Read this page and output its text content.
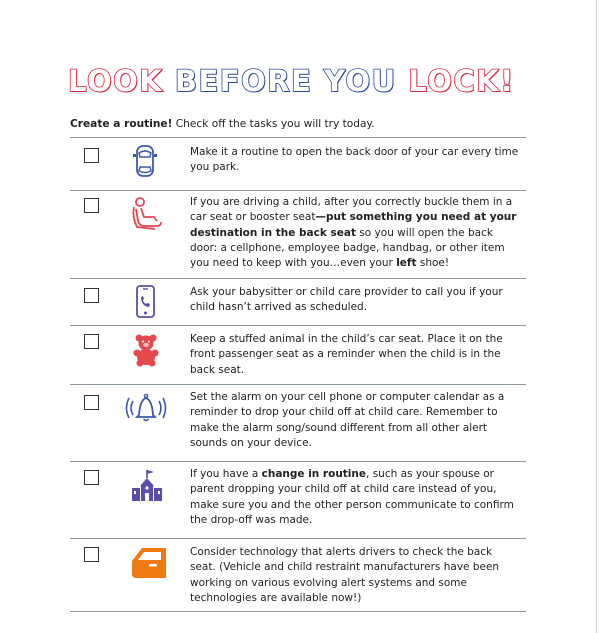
LOOK BEFORE YOU LOCK!
Create a routine! Check off the tasks you will try today.
Make it a routine to open the back door of your car every time you park.
If you are driving a child, after you correctly buckle them in a car seat or booster seat—put something you need at your destination in the back seat so you will open the back door: a cellphone, employee badge, handbag, or other item you need to keep with you…even your left shoe!
Ask your babysitter or child care provider to call you if your child hasn’t arrived as scheduled.
Keep a stuffed animal in the child’s car seat. Place it on the front passenger seat as a reminder when the child is in the back seat.
Set the alarm on your cell phone or computer calendar as a reminder to drop your child off at child care. Remember to make the alarm song/sound different from all other alert sounds on your device.
If you have a change in routine, such as your spouse or parent dropping your child off at child care instead of you, make sure you and the other person communicate to confirm the drop-off was made.
Consider technology that alerts drivers to check the back seat. (Vehicle and child restraint manufacturers have been working on various evolving alert systems and some technologies are available now!)
